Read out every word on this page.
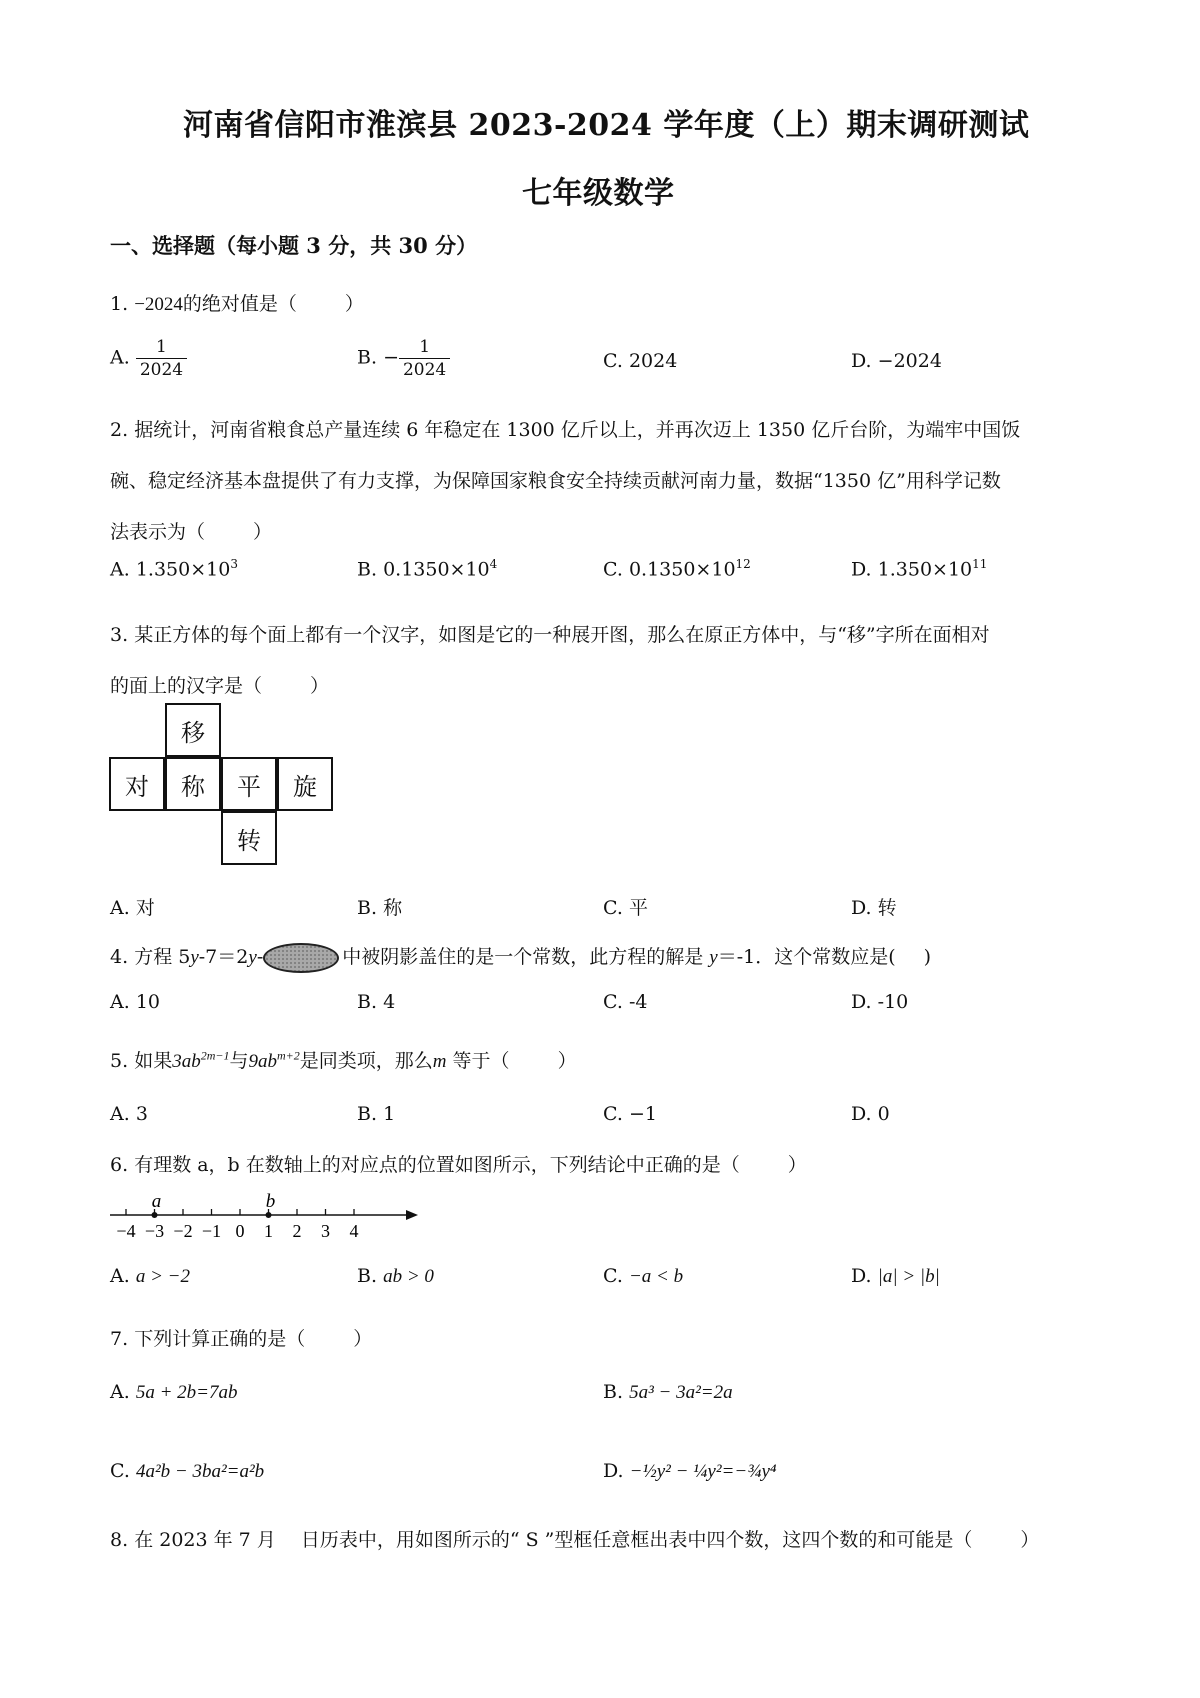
河南省信阳市淮滨县 2023-2024 学年度（上）期末调研测试
七年级数学
一、选择题（每小题 3 分，共 30 分）
1. −2024的绝对值是（	）
A. $\frac{1}{2024}$	B. − $\frac{1}{2024}$	C. 2024	D. −2024
2. 据统计，河南省粮食总产量连续 6 年稳定在 1300 亿斤以上，并再次迈上 1350 亿斤台阶，为端牢中国饭
碗、稳定经济基本盘提供了有力支撑，为保障国家粮食安全持续贡献河南力量，数据“1350 亿”用科学记数
法表示为（	）
A. $1.350\times 10^3$	B. $0.1350\times 10^4$	C. $0.1350\times 10^{12}$	D. $1.350\times 10^{11}$
3. 某正方体的每个面上都有一个汉字，如图是它的一种展开图，那么在原正方体中，与“移”字所在面相对
的面上的汉字是（	）
移
对	称	平	旋
转
A. 对	B. 称	C. 平	D. 转
4. 方程 5y-7＝2y-	中被阴影盖住的是一个常数，此方程的解是 y＝-1．这个常数应是( )
A. 10	B. 4	C. -4	D. -10
5. 如果$3ab^{2m-1}$与$9ab^{m+2}$是同类项，那么m 等于（	）
A. 3	B. 1	C. −1	D. 0
6. 有理数 a，b 在数轴上的对应点的位置如图所示，下列结论中正确的是（	）
−4 −3 −2 −1 0 1 2 3 4
a	b
A. a > −2	B. ab > 0	C. −a < b	D. |a| > |b|
7. 下列计算正确的是（	）
A. 5a + 2b=7ab	B. 5a³ − 3a²=2a
C. 4a²b − 3ba²=a²b	D. −½y² − ¼y²=−¾y⁴
8. 在 2023 年 7 月　 日历表中，用如图所示的“ S ”型框任意框出表中四个数，这四个数的和可能是（	）
